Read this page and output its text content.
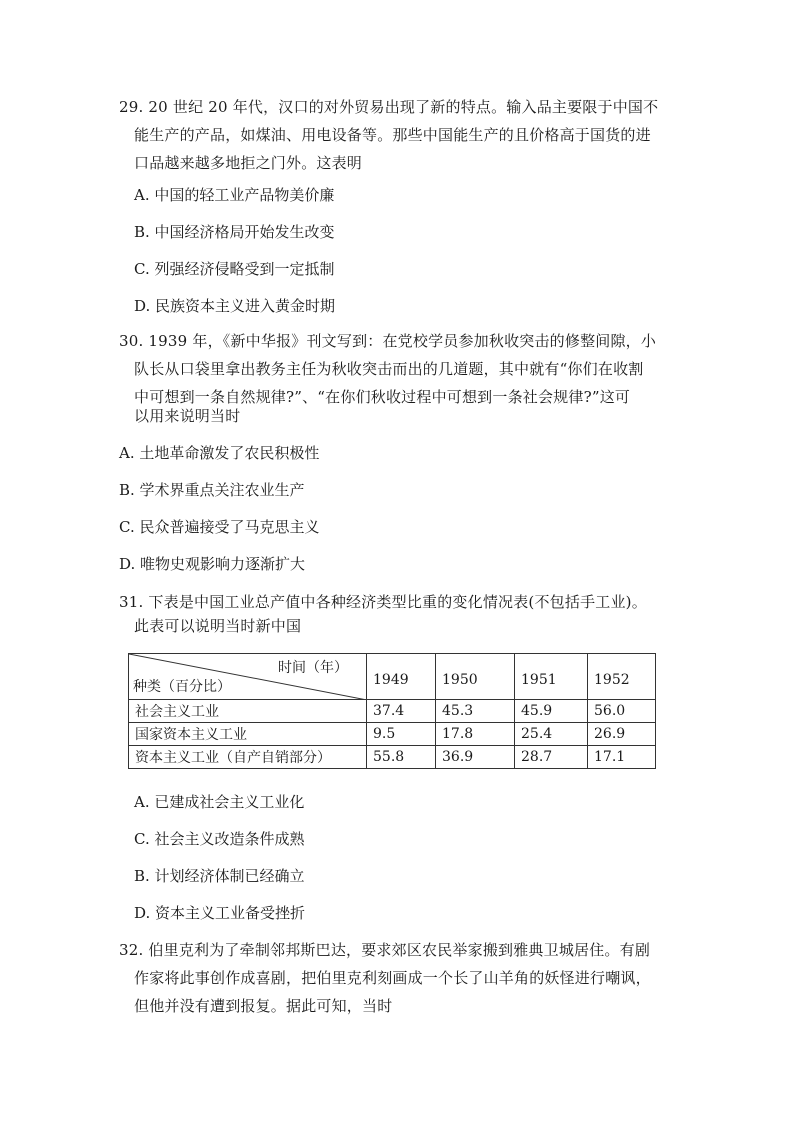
29. 20 世纪 20 年代，汉口的对外贸易出现了新的特点。输入品主要限于中国不
能生产的产品，如煤油、用电设备等。那些中国能生产的且价格高于国货的进
口品越来越多地拒之门外。这表明
A. 中国的轻工业产品物美价廉
B. 中国经济格局开始发生改变
C. 列强经济侵略受到一定抵制
D. 民族资本主义进入黄金时期
30. 1939 年，《新中华报》刊文写到：在党校学员参加秋收突击的修整间隙，小
队长从口袋里拿出教务主任为秋收突击而出的几道题，其中就有“你们在收割
中可想到一条自然规律?”、“在你们秋收过程中可想到一条社会规律?”这可
以用来说明当时
A. 土地革命激发了农民积极性
B. 学术界重点关注农业生产
C. 民众普遍接受了马克思主义
D. 唯物史观影响力逐渐扩大
31. 下表是中国工业总产值中各种经济类型比重的变化情况表(不包括手工业)。
此表可以说明当时新中国
时间（年）
种类（百分比）	1949	1950	1951	1952
社会主义工业	37.4	45.3	45.9	56.0
国家资本主义工业	9.5	17.8	25.4	26.9
资本主义工业（自产自销部分）	55.8	36.9	28.7	17.1
A. 已建成社会主义工业化
C. 社会主义改造条件成熟
B. 计划经济体制已经确立
D. 资本主义工业备受挫折
32. 伯里克利为了牵制邻邦斯巴达，要求郊区农民举家搬到雅典卫城居住。有剧
作家将此事创作成喜剧，把伯里克利刻画成一个长了山羊角的妖怪进行嘲讽，
但他并没有遭到报复。据此可知，当时
